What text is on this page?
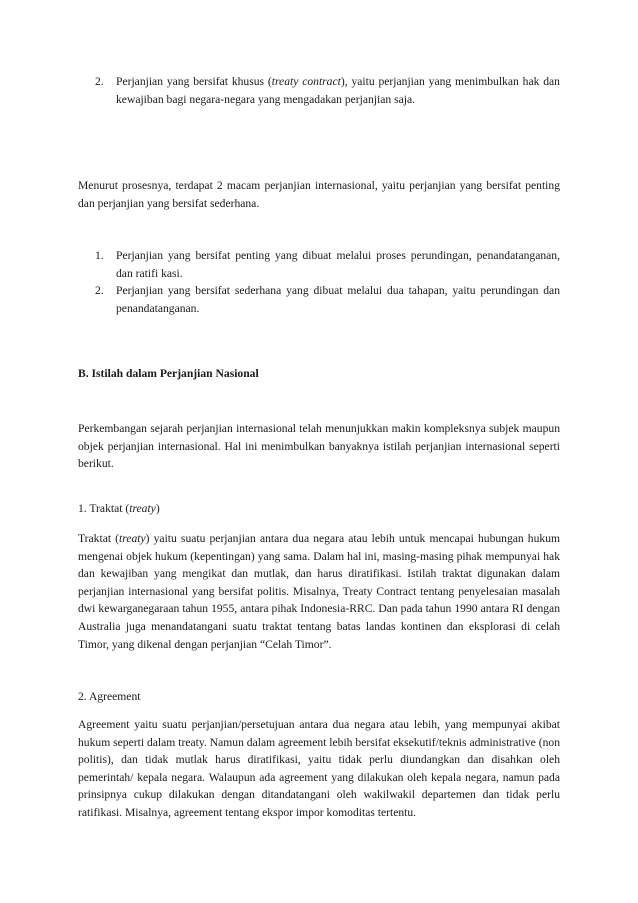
2. Perjanjian yang bersifat khusus (treaty contract), yaitu perjanjian yang menimbulkan hak dan kewajiban bagi negara-negara yang mengadakan perjanjian saja.

Menurut prosesnya, terdapat 2 macam perjanjian internasional, yaitu perjanjian yang bersifat penting dan perjanjian yang bersifat sederhana.

1. Perjanjian yang bersifat penting yang dibuat melalui proses perundingan, penandatanganan, dan ratifi kasi.
2. Perjanjian yang bersifat sederhana yang dibuat melalui dua tahapan, yaitu perundingan dan penandatanganan.

B. Istilah dalam Perjanjian Nasional

Perkembangan sejarah perjanjian internasional telah menunjukkan makin kompleksnya subjek maupun objek perjanjian internasional. Hal ini menimbulkan banyaknya istilah perjanjian internasional seperti berikut.

1. Traktat (treaty)

Traktat (treaty) yaitu suatu perjanjian antara dua negara atau lebih untuk mencapai hubungan hukum mengenai objek hukum (kepentingan) yang sama. Dalam hal ini, masing-masing pihak mempunyai hak dan kewajiban yang mengikat dan mutlak, dan harus diratifikasi. Istilah traktat digunakan dalam perjanjian internasional yang bersifat politis. Misalnya, Treaty Contract tentang penyelesaian masalah dwi kewarganegaraan tahun 1955, antara pihak Indonesia-RRC. Dan pada tahun 1990 antara RI dengan Australia juga menandatangani suatu traktat tentang batas landas kontinen dan eksplorasi di celah Timor, yang dikenal dengan perjanjian “Celah Timor”.

2. Agreement

Agreement yaitu suatu perjanjian/persetujuan antara dua negara atau lebih, yang mempunyai akibat hukum seperti dalam treaty. Namun dalam agreement lebih bersifat eksekutif/teknis administrative (non politis), dan tidak mutlak harus diratifikasi, yaitu tidak perlu diundangkan dan disahkan oleh pemerintah/ kepala negara. Walaupun ada agreement yang dilakukan oleh kepala negara, namun pada prinsipnya cukup dilakukan dengan ditandatangani oleh wakilwakil departemen dan tidak perlu ratifikasi. Misalnya, agreement tentang ekspor impor komoditas tertentu.
